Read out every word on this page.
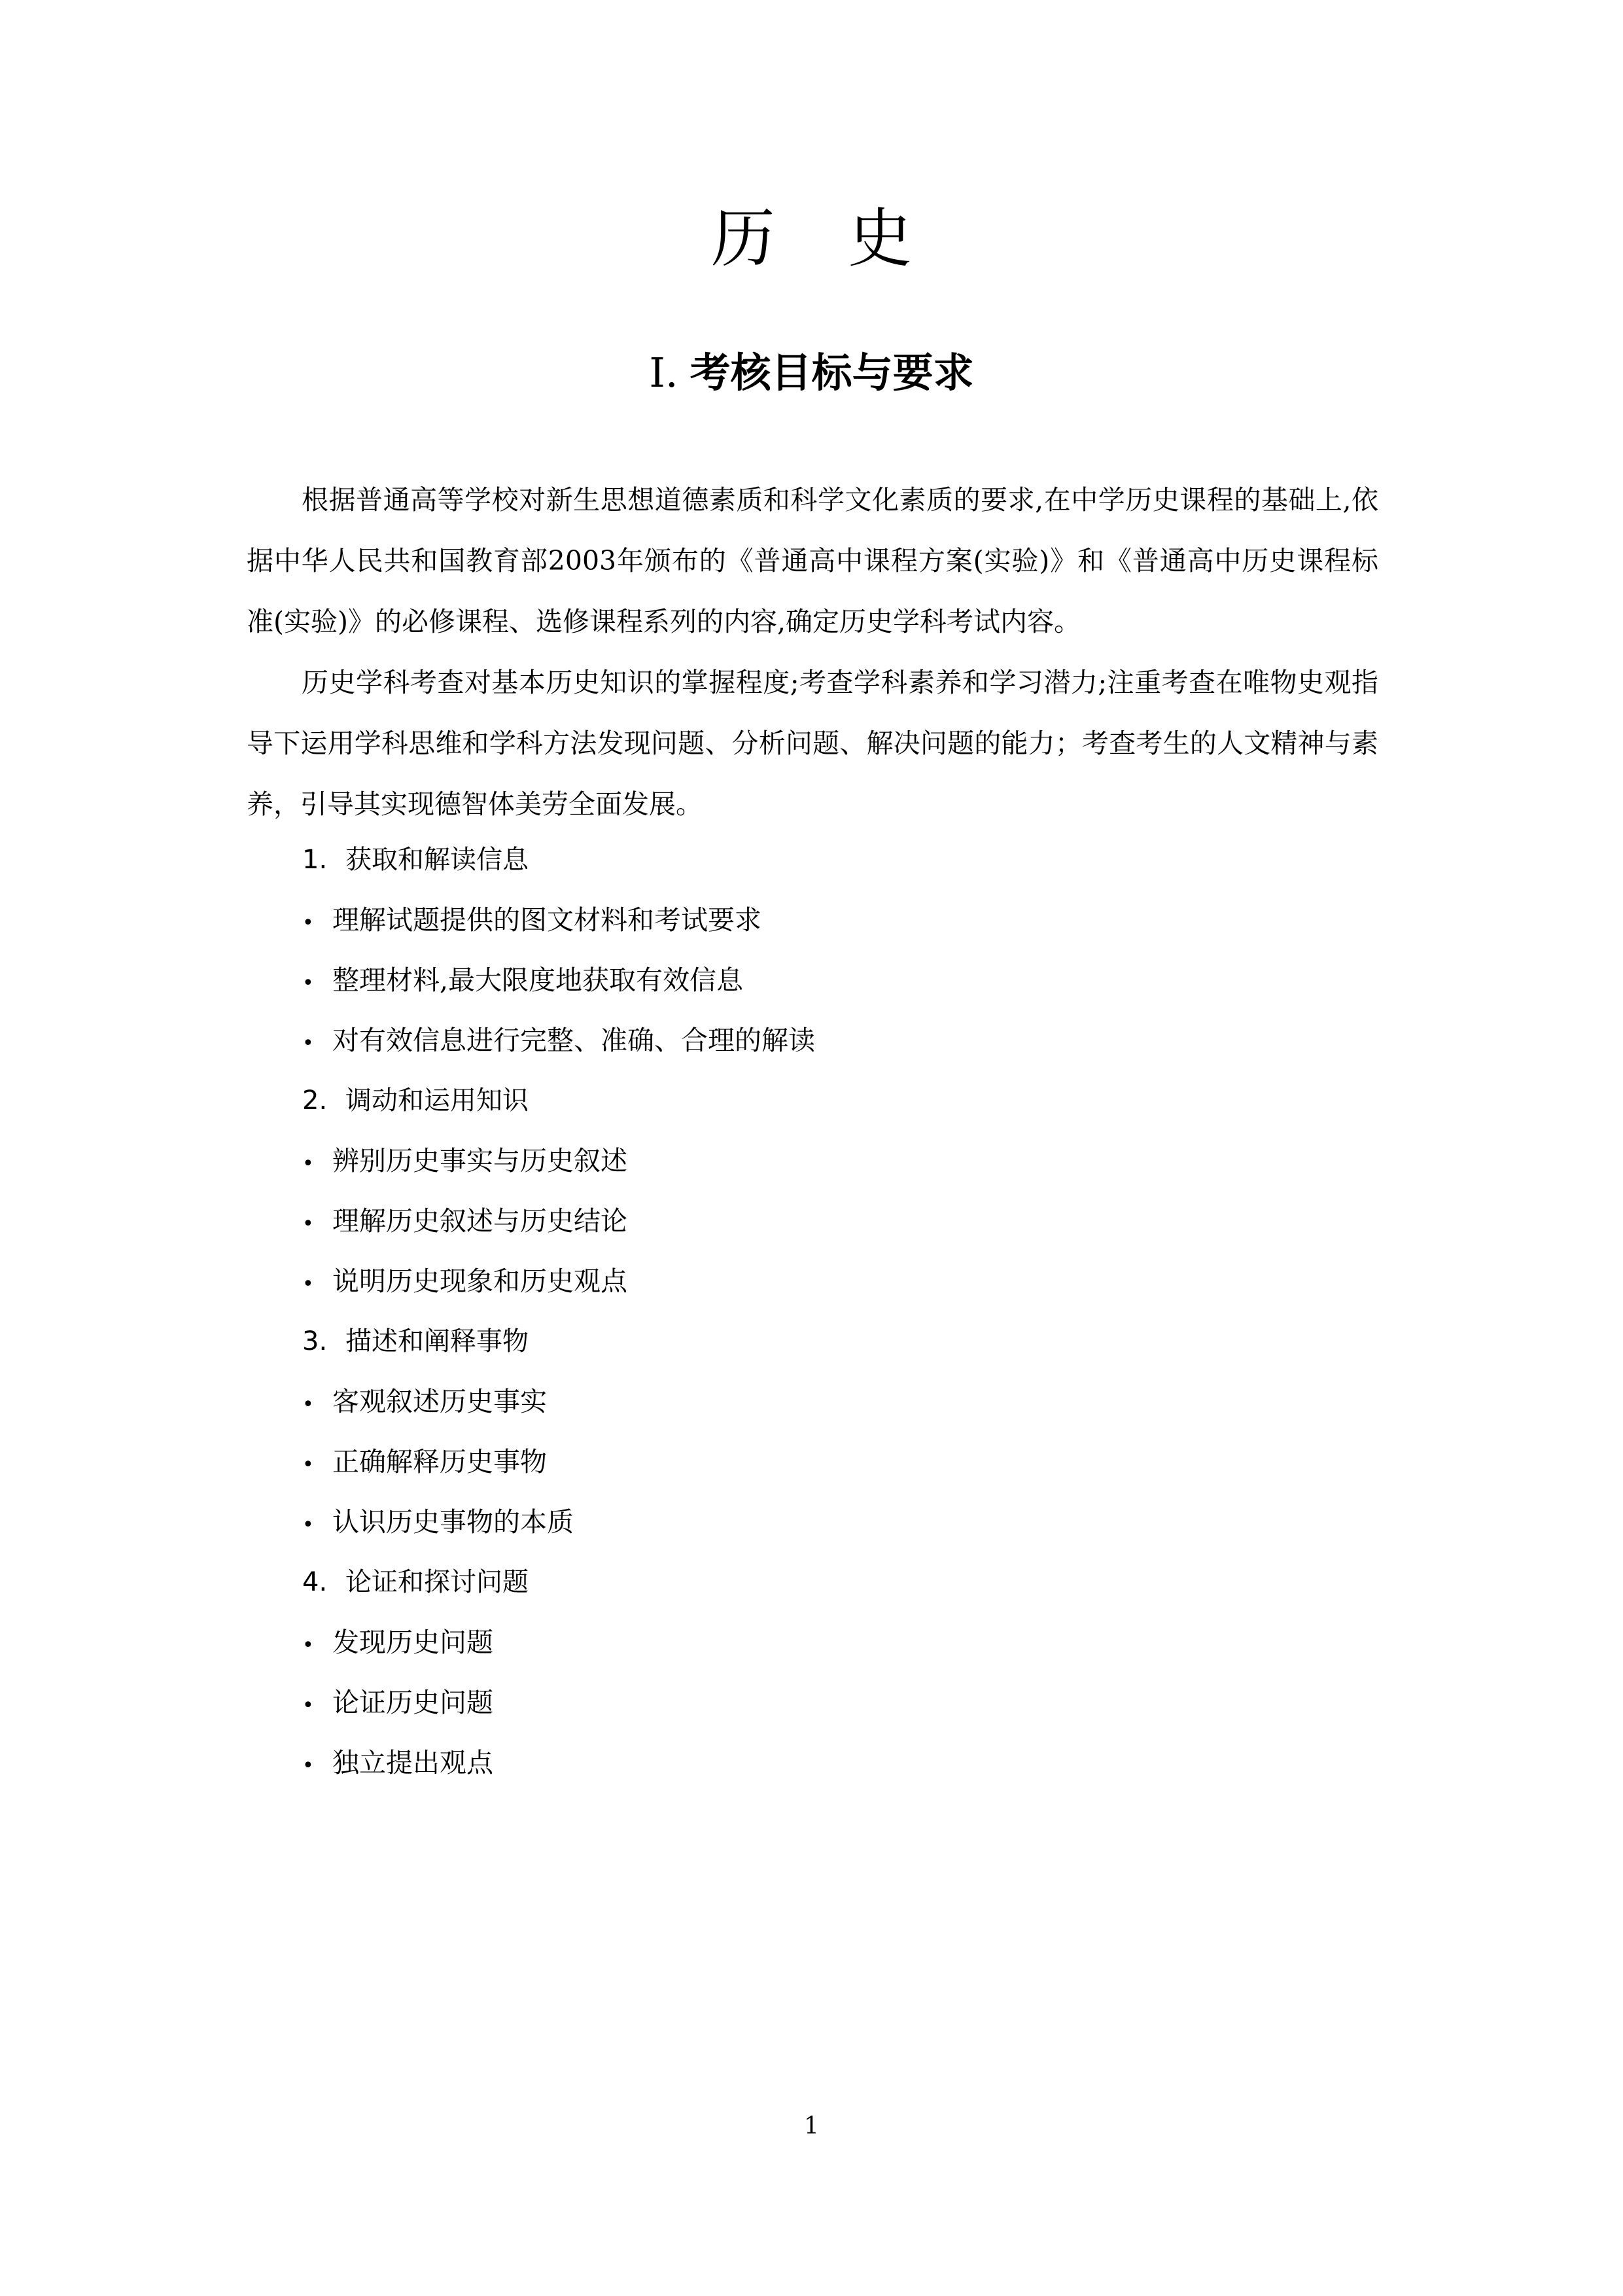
历 史
Ⅰ. 考核目标与要求

根据普通高等学校对新生思想道德素质和科学文化素质的要求,在中学历史课程的基础上,依据中华人民共和国教育部2003年颁布的《普通高中课程方案(实验)》和《普通高中历史课程标准(实验)》的必修课程、选修课程系列的内容,确定历史学科考试内容。

历史学科考查对基本历史知识的掌握程度;考查学科素养和学习潜力;注重考查在唯物史观指导下运用学科思维和学科方法发现问题、分析问题、解决问题的能力；考查考生的人文精神与素养，引导其实现德智体美劳全面发展。

1. 获取和解读信息
• 理解试题提供的图文材料和考试要求
• 整理材料,最大限度地获取有效信息
• 对有效信息进行完整、准确、合理的解读
2. 调动和运用知识
• 辨别历史事实与历史叙述
• 理解历史叙述与历史结论
• 说明历史现象和历史观点
3. 描述和阐释事物
• 客观叙述历史事实
• 正确解释历史事物
• 认识历史事物的本质
4. 论证和探讨问题
• 发现历史问题
• 论证历史问题
• 独立提出观点
1
